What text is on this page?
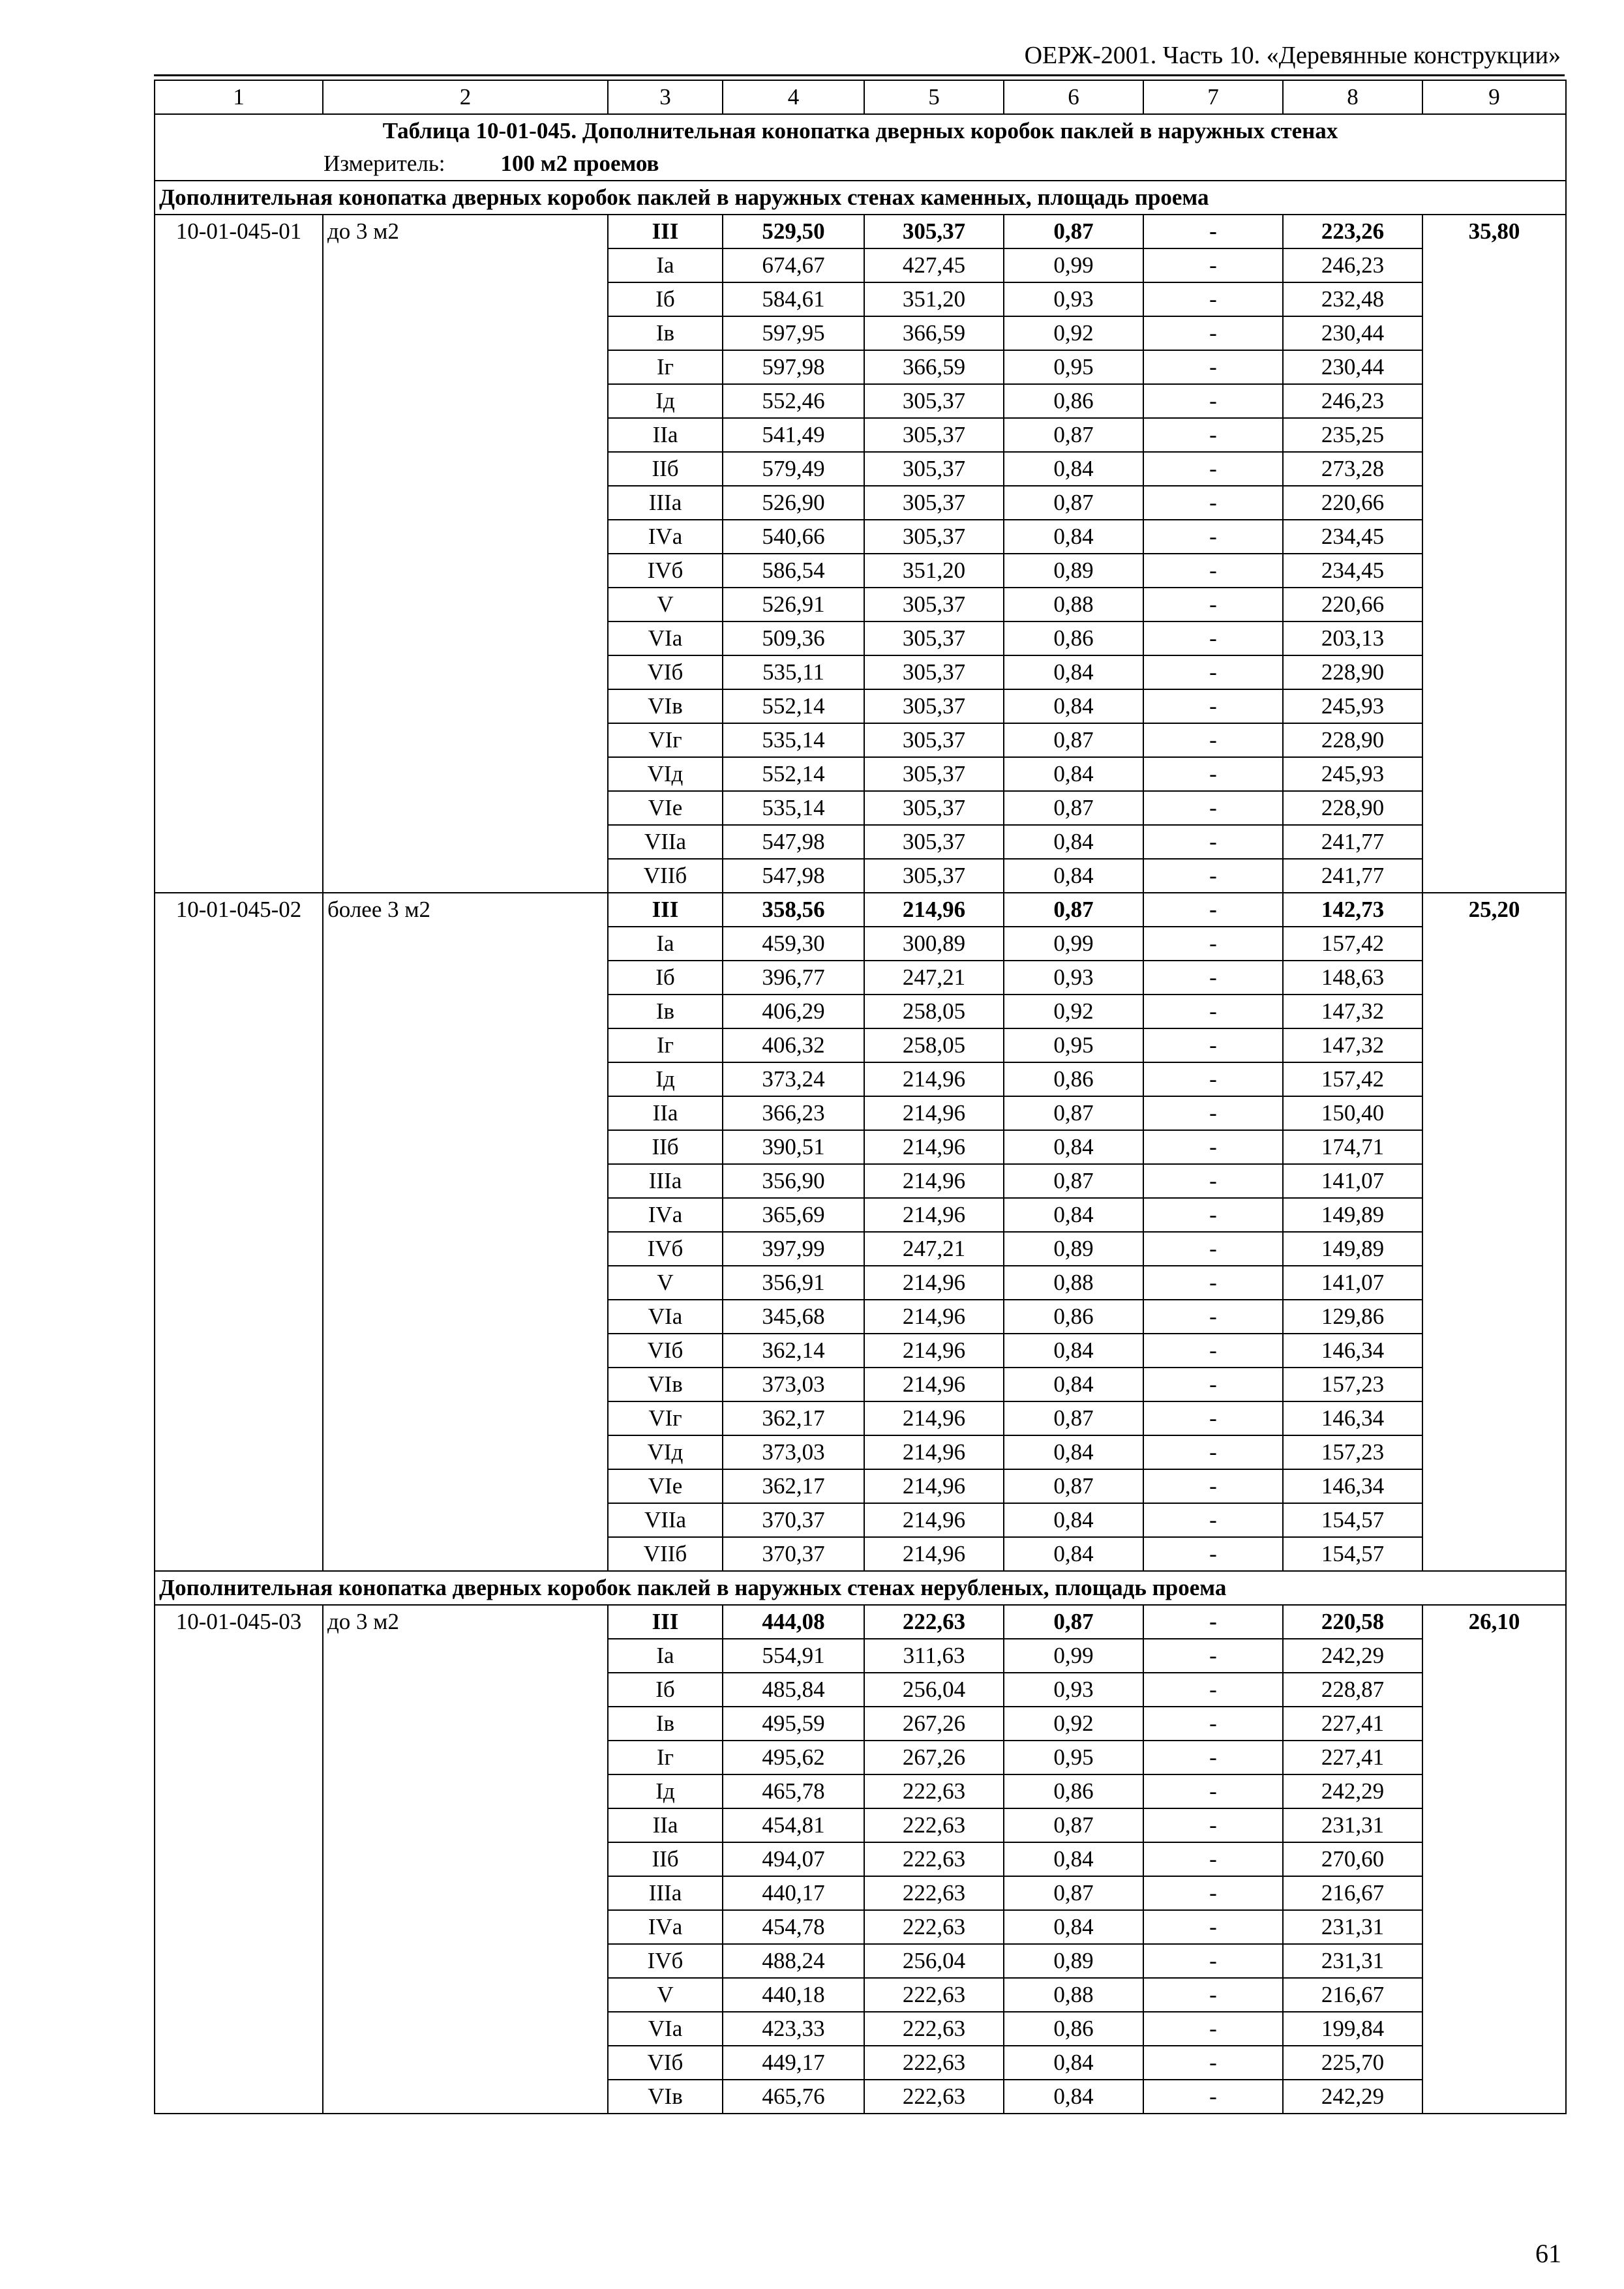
ОЕРЖ-2001. Часть 10. «Деревянные конструкции»
1	2	3	4	5	6	7	8	9
Таблица 10-01-045. Дополнительная конопатка дверных коробок паклей в наружных стенах								
Измеритель: 100 м2 проемов								
Дополнительная конопатка дверных коробок паклей в наружных стенах каменных, площадь проема								
10-01-045-01	до 3 м2	III	529,50	305,37	0,87	-	223,26	35,80
		Iа	674,67	427,45	0,99	-	246,23	
		Iб	584,61	351,20	0,93	-	232,48	
		Iв	597,95	366,59	0,92	-	230,44	
		Iг	597,98	366,59	0,95	-	230,44	
		Iд	552,46	305,37	0,86	-	246,23	
		IIа	541,49	305,37	0,87	-	235,25	
		IIб	579,49	305,37	0,84	-	273,28	
		IIIа	526,90	305,37	0,87	-	220,66	
		IVа	540,66	305,37	0,84	-	234,45	
		IVб	586,54	351,20	0,89	-	234,45	
		V	526,91	305,37	0,88	-	220,66	
		VIа	509,36	305,37	0,86	-	203,13	
		VIб	535,11	305,37	0,84	-	228,90	
		VIв	552,14	305,37	0,84	-	245,93	
		VIг	535,14	305,37	0,87	-	228,90	
		VIд	552,14	305,37	0,84	-	245,93	
		VIе	535,14	305,37	0,87	-	228,90	
		VIIа	547,98	305,37	0,84	-	241,77	
		VIIб	547,98	305,37	0,84	-	241,77	
10-01-045-02	более 3 м2	III	358,56	214,96	0,87	-	142,73	25,20
		Iа	459,30	300,89	0,99	-	157,42	
		Iб	396,77	247,21	0,93	-	148,63	
		Iв	406,29	258,05	0,92	-	147,32	
		Iг	406,32	258,05	0,95	-	147,32	
		Iд	373,24	214,96	0,86	-	157,42	
		IIа	366,23	214,96	0,87	-	150,40	
		IIб	390,51	214,96	0,84	-	174,71	
		IIIа	356,90	214,96	0,87	-	141,07	
		IVа	365,69	214,96	0,84	-	149,89	
		IVб	397,99	247,21	0,89	-	149,89	
		V	356,91	214,96	0,88	-	141,07	
		VIа	345,68	214,96	0,86	-	129,86	
		VIб	362,14	214,96	0,84	-	146,34	
		VIв	373,03	214,96	0,84	-	157,23	
		VIг	362,17	214,96	0,87	-	146,34	
		VIд	373,03	214,96	0,84	-	157,23	
		VIе	362,17	214,96	0,87	-	146,34	
		VIIа	370,37	214,96	0,84	-	154,57	
		VIIб	370,37	214,96	0,84	-	154,57	
Дополнительная конопатка дверных коробок паклей в наружных стенах нерубленых, площадь проема								
10-01-045-03	до 3 м2	III	444,08	222,63	0,87	-	220,58	26,10
		Iа	554,91	311,63	0,99	-	242,29	
		Iб	485,84	256,04	0,93	-	228,87	
		Iв	495,59	267,26	0,92	-	227,41	
		Iг	495,62	267,26	0,95	-	227,41	
		Iд	465,78	222,63	0,86	-	242,29	
		IIа	454,81	222,63	0,87	-	231,31	
		IIб	494,07	222,63	0,84	-	270,60	
		IIIа	440,17	222,63	0,87	-	216,67	
		IVа	454,78	222,63	0,84	-	231,31	
		IVб	488,24	256,04	0,89	-	231,31	
		V	440,18	222,63	0,88	-	216,67	
		VIа	423,33	222,63	0,86	-	199,84	
		VIб	449,17	222,63	0,84	-	225,70	
		VIв	465,76	222,63	0,84	-	242,29	
61
